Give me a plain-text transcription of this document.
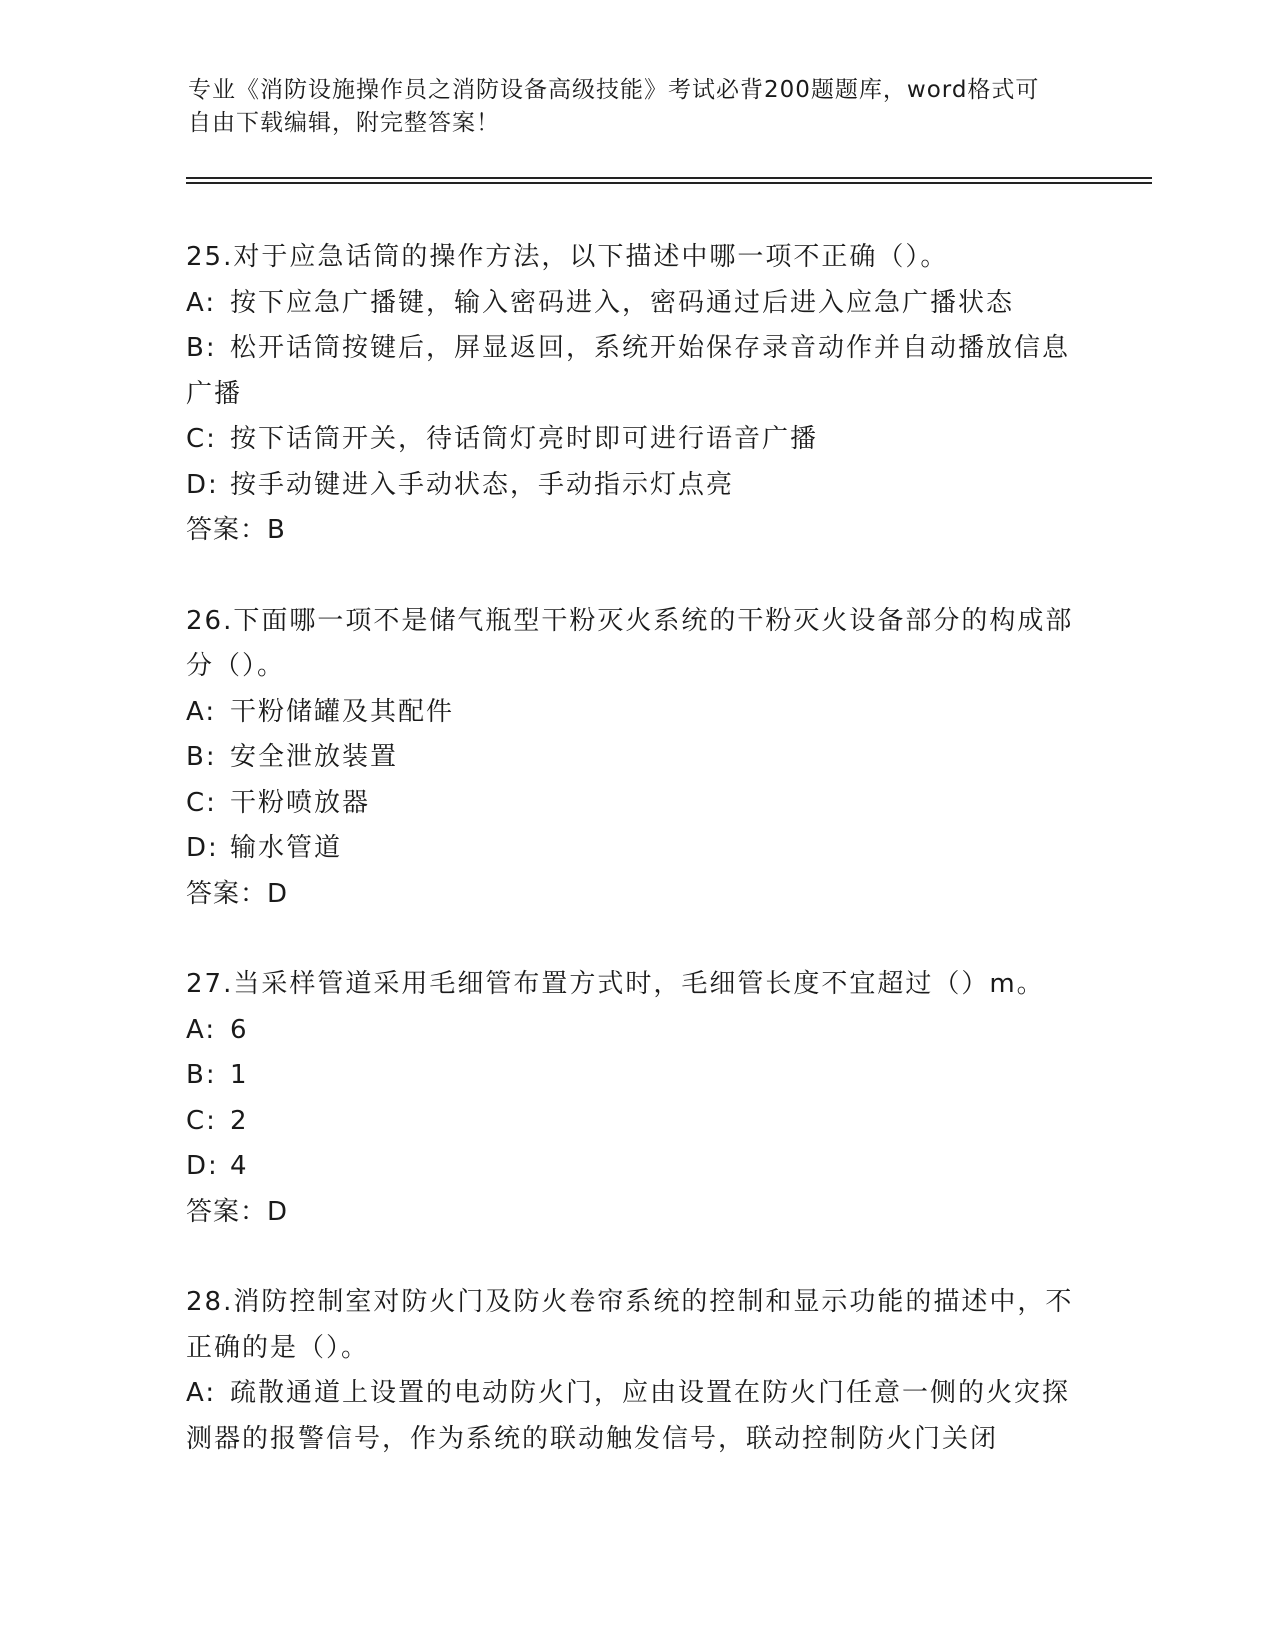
专业《消防设施操作员之消防设备高级技能》考试必背200题题库，word格式可
自由下载编辑，附完整答案！

25.对于应急话筒的操作方法，以下描述中哪一项不正确（）。

A: 按下应急广播键，输入密码进入，密码通过后进入应急广播状态

B: 松开话筒按键后，屏显返回，系统开始保存录音动作并自动播放信息广播

C: 按下话筒开关，待话筒灯亮时即可进行语音广播

D: 按手动键进入手动状态，手动指示灯点亮

答案：B

26.下面哪一项不是储气瓶型干粉灭火系统的干粉灭火设备部分的构成部分（）。

A: 干粉储罐及其配件

B: 安全泄放装置

C: 干粉喷放器

D: 输水管道

答案：D

27.当采样管道采用毛细管布置方式时，毛细管长度不宜超过（）m。

A: 6

B: 1

C: 2

D: 4

答案：D

28.消防控制室对防火门及防火卷帘系统的控制和显示功能的描述中，不正确的是（）。

A: 疏散通道上设置的电动防火门，应由设置在防火门任意一侧的火灾探测器的报警信号，作为系统的联动触发信号，联动控制防火门关闭
